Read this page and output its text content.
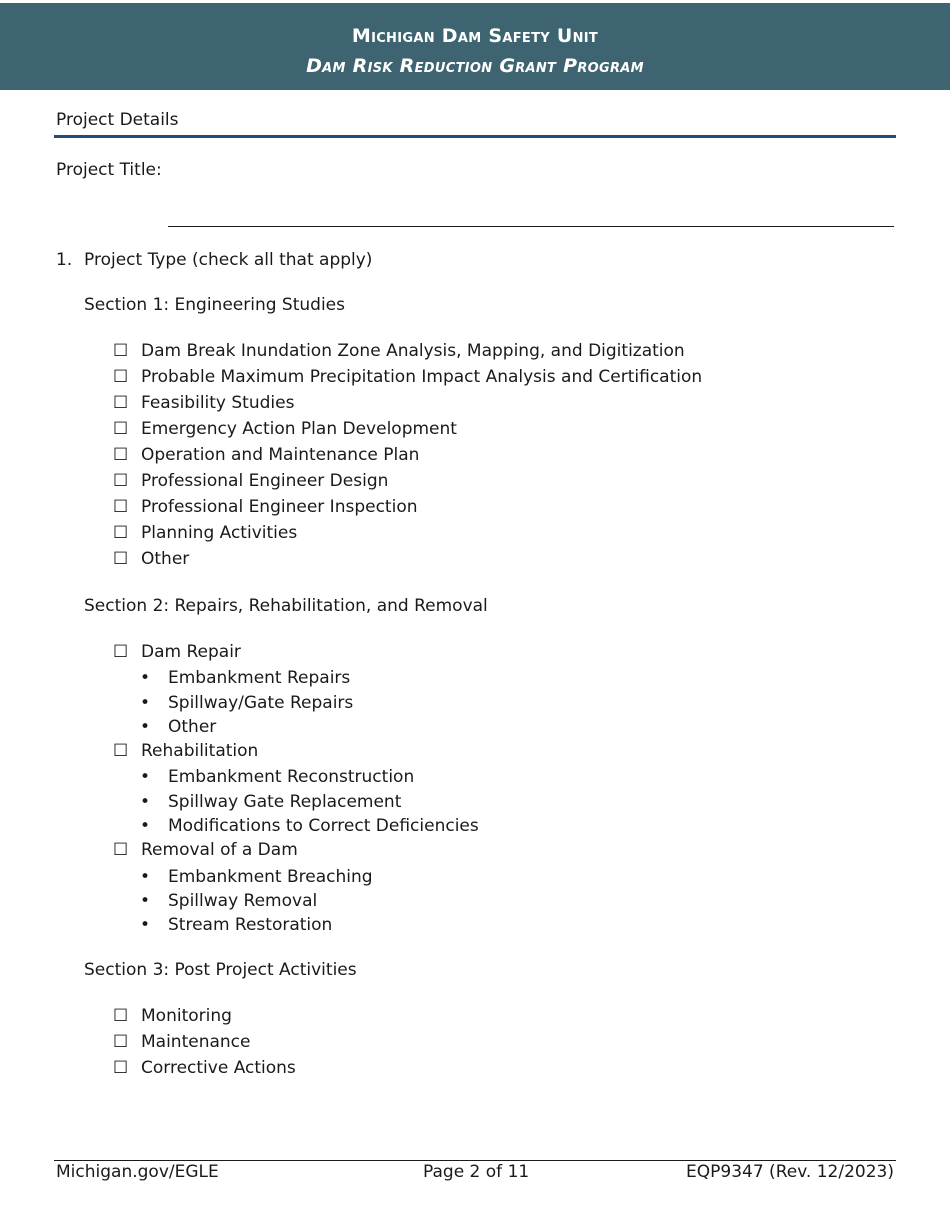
Michigan Dam Safety Unit
Dam Risk Reduction Grant Program
Project Details
Project Title:
1. Project Type (check all that apply)
Section 1: Engineering Studies
☐ Dam Break Inundation Zone Analysis, Mapping, and Digitization
☐ Probable Maximum Precipitation Impact Analysis and Certification
☐ Feasibility Studies
☐ Emergency Action Plan Development
☐ Operation and Maintenance Plan
☐ Professional Engineer Design
☐ Professional Engineer Inspection
☐ Planning Activities
☐ Other
Section 2: Repairs, Rehabilitation, and Removal
☐ Dam Repair
• Embankment Repairs
• Spillway/Gate Repairs
• Other
☐ Rehabilitation
• Embankment Reconstruction
• Spillway Gate Replacement
• Modifications to Correct Deficiencies
☐ Removal of a Dam
• Embankment Breaching
• Spillway Removal
• Stream Restoration
Section 3: Post Project Activities
☐ Monitoring
☐ Maintenance
☐ Corrective Actions
Michigan.gov/EGLE	Page 2 of 11	EQP9347 (Rev. 12/2023)
